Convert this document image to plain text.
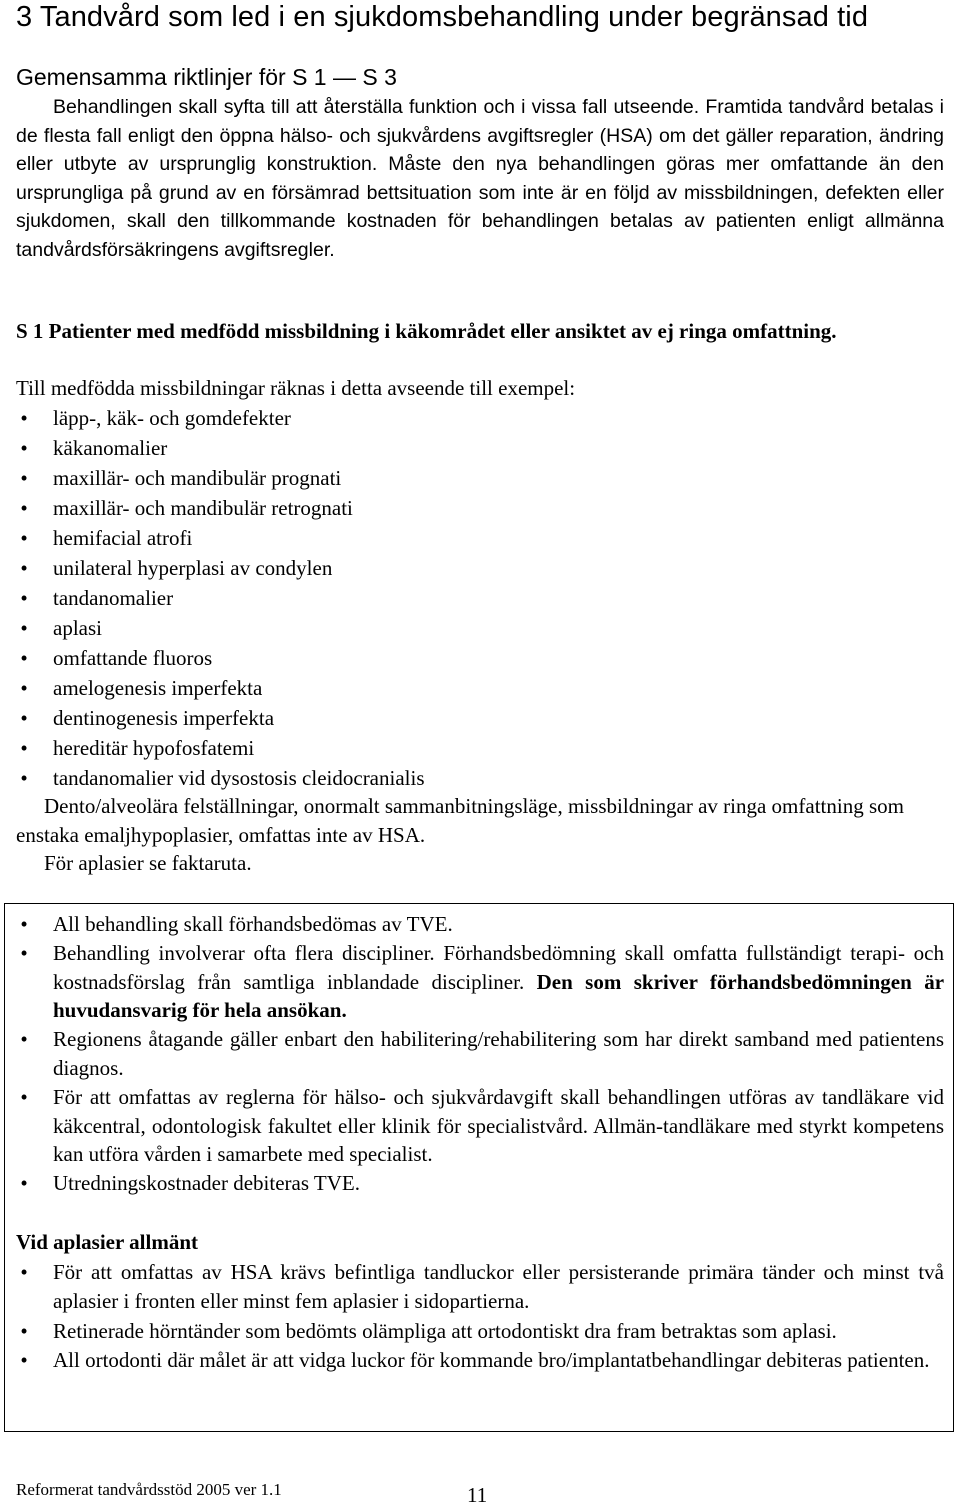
3 Tandvård som led i en sjukdomsbehandling under begränsad tid
Gemensamma riktlinjer för S 1 — S 3

Behandlingen skall syfta till att återställa funktion och i vissa fall utseende. Framtida tandvård betalas i de flesta fall enligt den öppna hälso- och sjukvårdens avgiftsregler (HSA) om det gäller reparation, ändring eller utbyte av ursprunglig konstruktion. Måste den nya behandlingen göras mer omfattande än den ursprungliga på grund av en försämrad bettsituation som inte är en följd av missbildningen, defekten eller sjukdomen, skall den tillkommande kostnaden för behandlingen betalas av patienten enligt allmänna tandvårdsförsäkringens avgiftsregler.

S 1 Patienter med medfödd missbildning i käkområdet eller ansiktet av ej ringa omfattning.

Till medfödda missbildningar räknas i detta avseende till exempel:

• läpp-, käk- och gomdefekter
• käkanomalier
• maxillär- och mandibulär prognati
• maxillär- och mandibulär retrognati
• hemifacial atrofi
• unilateral hyperplasi av condylen
• tandanomalier
• aplasi
• omfattande fluoros
• amelogenesis imperfekta
• dentinogenesis imperfekta
• hereditär hypofosfatemi
• tandanomalier vid dysostosis cleidocranialis

Dento/alveolära felställningar, onormalt sammanbitningsläge, missbildningar av ringa omfattning som enstaka emaljhypoplasier, omfattas inte av HSA.

För aplasier se faktaruta.

• All behandling skall förhandsbedömas av TVE.
• Behandling involverar ofta flera discipliner. Förhandsbedömning skall omfatta fullständigt terapi- och kostnadsförslag från samtliga inblandade discipliner. Den som skriver förhandsbedömningen är huvudansvarig för hela ansökan.
• Regionens åtagande gäller enbart den habilitering/rehabilitering som har direkt samband med patientens diagnos.
• För att omfattas av reglerna för hälso- och sjukvårdavgift skall behandlingen utföras av tandläkare vid käkcentral, odontologisk fakultet eller klinik för specialistvård. Allmän-tandläkare med styrkt kompetens kan utföra vården i samarbete med specialist.
• Utredningskostnader debiteras TVE.

Vid aplasier allmänt

• För att omfattas av HSA krävs befintliga tandluckor eller persisterande primära tänder och minst två aplasier i fronten eller minst fem aplasier i sidopartierna.
• Retinerade hörntänder som bedömts olämpliga att ortodontiskt dra fram betraktas som aplasi.
• All ortodonti där målet är att vidga luckor för kommande bro/implantatbehandlingar debiteras patienten.

Reformerat tandvårdsstöd 2005 ver 1.1	11
